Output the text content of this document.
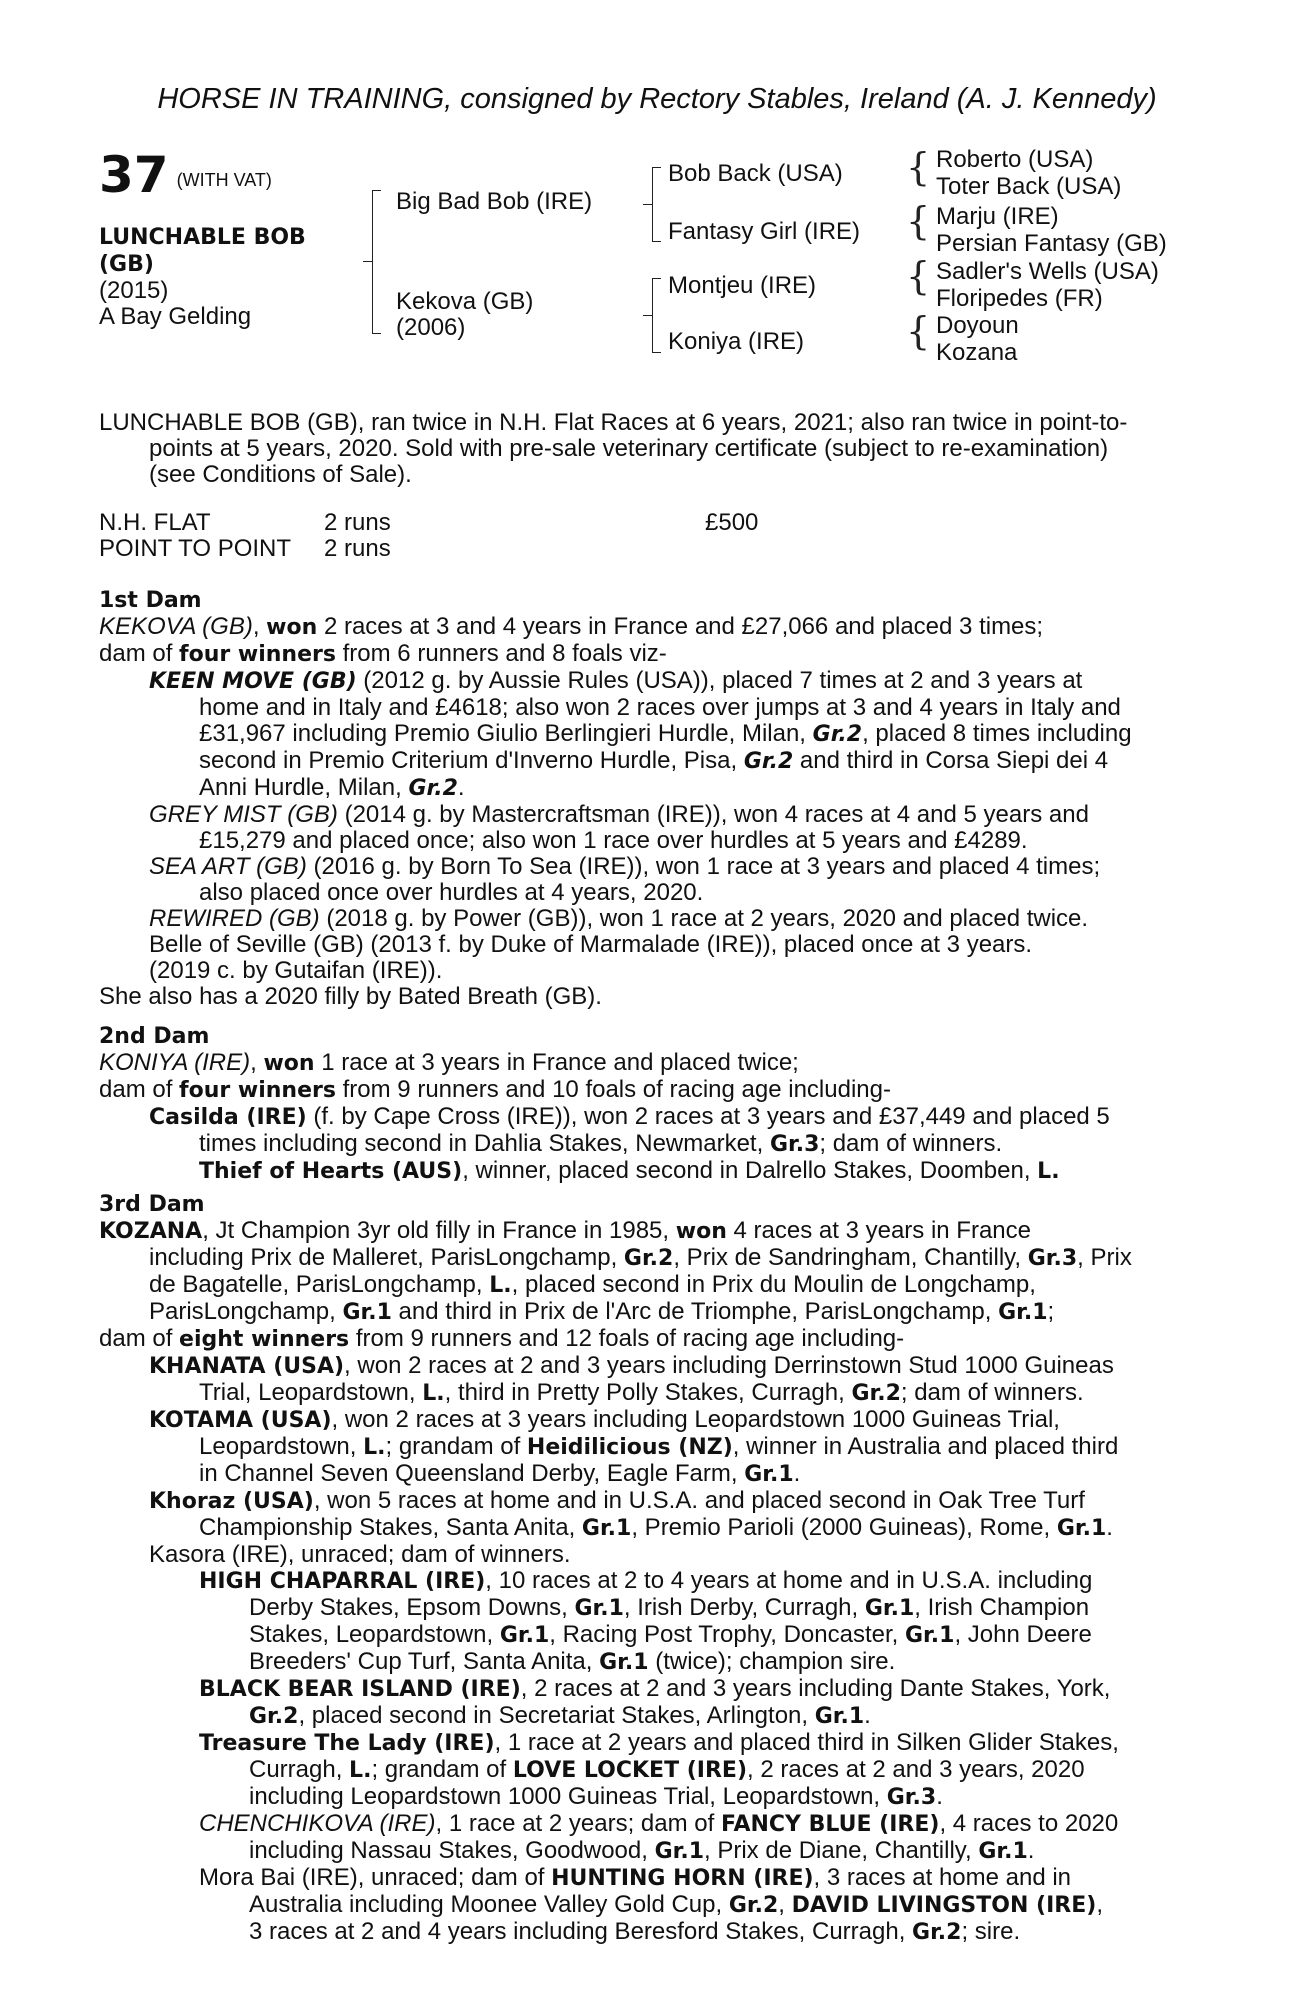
HORSE IN TRAINING, consigned by Rectory Stables, Ireland (A. J. Kennedy)
37 $^{(WITH VAT)}$
LUNCHABLE BOB
(GB)
(2015)
A Bay Gelding
Big Bad Bob (IRE)
Kekova (GB)
(2006)
Bob Back (USA)
Fantasy Girl (IRE)
Montjeu (IRE)
Koniya (IRE)
{
{
{
{
Roberto (USA)
Toter Back (USA)
Marju (IRE)
Persian Fantasy (GB)
Sadler's Wells (USA)
Floripedes (FR)
Doyoun
Kozana
LUNCHABLE BOB (GB), ran twice in N.H. Flat Races at 6 years, 2021; also ran twice in point-to-
points at 5 years, 2020. Sold with pre-sale veterinary certificate (subject to re-examination)
(see Conditions of Sale).
N.H. FLAT	2 runs	£500
POINT TO POINT 2 runs
1st Dam
KEKOVA (GB), won 2 races at 3 and 4 years in France and £27,066 and placed 3 times;
dam of four winners from 6 runners and 8 foals viz-
KEEN MOVE (GB) (2012 g. by Aussie Rules (USA)), placed 7 times at 2 and 3 years at
home and in Italy and £4618; also won 2 races over jumps at 3 and 4 years in Italy and
£31,967 including Premio Giulio Berlingieri Hurdle, Milan, Gr.2, placed 8 times including
second in Premio Criterium d'Inverno Hurdle, Pisa, Gr.2 and third in Corsa Siepi dei 4
Anni Hurdle, Milan, Gr.2.
GREY MIST (GB) (2014 g. by Mastercraftsman (IRE)), won 4 races at 4 and 5 years and
£15,279 and placed once; also won 1 race over hurdles at 5 years and £4289.
SEA ART (GB) (2016 g. by Born To Sea (IRE)), won 1 race at 3 years and placed 4 times;
also placed once over hurdles at 4 years, 2020.
REWIRED (GB) (2018 g. by Power (GB)), won 1 race at 2 years, 2020 and placed twice.
Belle of Seville (GB) (2013 f. by Duke of Marmalade (IRE)), placed once at 3 years.
(2019 c. by Gutaifan (IRE)).
She also has a 2020 filly by Bated Breath (GB).
2nd Dam
KONIYA (IRE), won 1 race at 3 years in France and placed twice;
dam of four winners from 9 runners and 10 foals of racing age including-
Casilda (IRE) (f. by Cape Cross (IRE)), won 2 races at 3 years and £37,449 and placed 5
times including second in Dahlia Stakes, Newmarket, Gr.3; dam of winners.
Thief of Hearts (AUS), winner, placed second in Dalrello Stakes, Doomben, L.
3rd Dam
KOZANA, Jt Champion 3yr old filly in France in 1985, won 4 races at 3 years in France
including Prix de Malleret, ParisLongchamp, Gr.2, Prix de Sandringham, Chantilly, Gr.3, Prix
de Bagatelle, ParisLongchamp, L., placed second in Prix du Moulin de Longchamp,
ParisLongchamp, Gr.1 and third in Prix de l'Arc de Triomphe, ParisLongchamp, Gr.1;
dam of eight winners from 9 runners and 12 foals of racing age including-
KHANATA (USA), won 2 races at 2 and 3 years including Derrinstown Stud 1000 Guineas
Trial, Leopardstown, L., third in Pretty Polly Stakes, Curragh, Gr.2; dam of winners.
KOTAMA (USA), won 2 races at 3 years including Leopardstown 1000 Guineas Trial,
Leopardstown, L.; grandam of Heidilicious (NZ), winner in Australia and placed third
in Channel Seven Queensland Derby, Eagle Farm, Gr.1.
Khoraz (USA), won 5 races at home and in U.S.A. and placed second in Oak Tree Turf
Championship Stakes, Santa Anita, Gr.1, Premio Parioli (2000 Guineas), Rome, Gr.1.
Kasora (IRE), unraced; dam of winners.
HIGH CHAPARRAL (IRE), 10 races at 2 to 4 years at home and in U.S.A. including
Derby Stakes, Epsom Downs, Gr.1, Irish Derby, Curragh, Gr.1, Irish Champion
Stakes, Leopardstown, Gr.1, Racing Post Trophy, Doncaster, Gr.1, John Deere
Breeders' Cup Turf, Santa Anita, Gr.1 (twice); champion sire.
BLACK BEAR ISLAND (IRE), 2 races at 2 and 3 years including Dante Stakes, York,
Gr.2, placed second in Secretariat Stakes, Arlington, Gr.1.
Treasure The Lady (IRE), 1 race at 2 years and placed third in Silken Glider Stakes,
Curragh, L.; grandam of LOVE LOCKET (IRE), 2 races at 2 and 3 years, 2020
including Leopardstown 1000 Guineas Trial, Leopardstown, Gr.3.
CHENCHIKOVA (IRE), 1 race at 2 years; dam of FANCY BLUE (IRE), 4 races to 2020
including Nassau Stakes, Goodwood, Gr.1, Prix de Diane, Chantilly, Gr.1.
Mora Bai (IRE), unraced; dam of HUNTING HORN (IRE), 3 races at home and in
Australia including Moonee Valley Gold Cup, Gr.2, DAVID LIVINGSTON (IRE),
3 races at 2 and 4 years including Beresford Stakes, Curragh, Gr.2; sire.
